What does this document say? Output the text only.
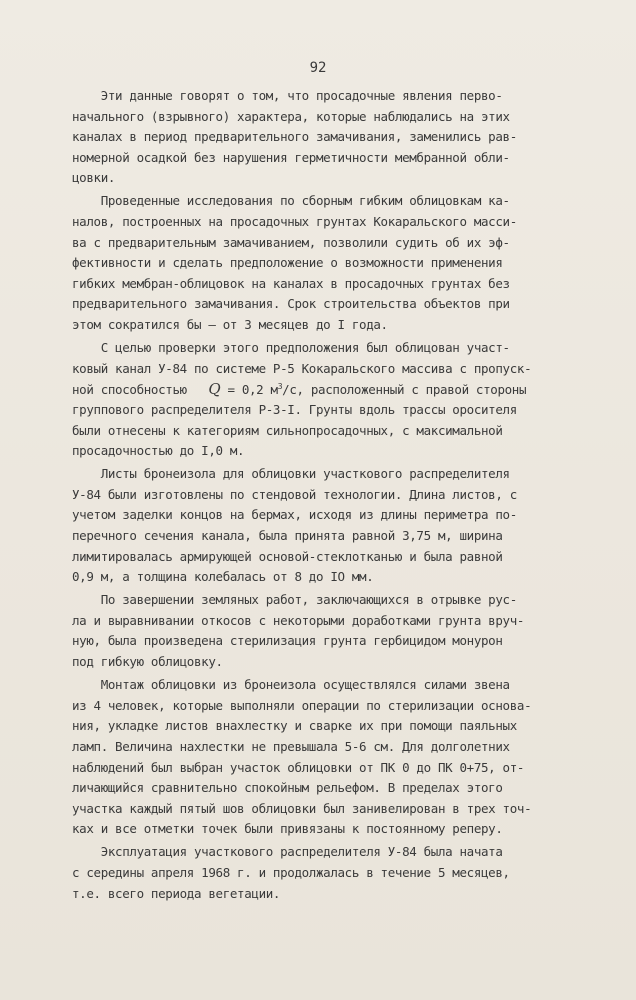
92
Эти данные говорят о том, что просадочные явления перво-
начального (взрывного) характера, которые наблюдались на этих
каналах в период предварительного замачивания, заменились рав-
номерной осадкой без нарушения герметичности мембранной обли-
цовки.
Проведенные исследования по сборным гибким облицовкам ка-
налов, построенных на просадочных грунтах Кокаральского масси-
ва с предварительным замачиванием, позволили судить об их эф-
фективности и сделать предположение о возможности применения
гибких мембран-облицовок на каналах в просадочных грунтах без
предварительного замачивания. Срок строительства объектов при
этом сократился бы – от 3 месяцев до I года.
С целью проверки этого предположения был облицован участ-
ковый канал У-84 по системе Р-5 Кокаральского массива с пропуск-
ной способностью   Q = 0,2 $м^3/с$, расположенный с правой стороны
группового распределителя Р-3-I. Грунты вдоль трассы оросителя
были отнесены к категориям сильнопросадочных, с максимальной
просадочностью до I,0 м.
Листы бронеизола для облицовки участкового распределителя
У-84 были изготовлены по стендовой технологии. Длина листов, с
учетом заделки концов на бермах, исходя из длины периметра по-
перечного сечения канала, была принята равной 3,75 м, ширина
лимитировалась армирующей основой-стеклотканью и была равной
0,9 м, а толщина колебалась от 8 до IO мм.
По завершении земляных работ, заключающихся в отрывке рус-
ла и выравнивании откосов с некоторыми доработками грунта вруч-
ную, была произведена стерилизация грунта гербицидом монурон
под гибкую облицовку.
Монтаж облицовки из бронеизола осуществлялся силами звена
из 4 человек, которые выполняли операции по стерилизации основа-
ния, укладке листов внахлестку и сварке их при помощи паяльных
ламп. Величина нахлестки не превышала 5-6 см. Для долголетних
наблюдений был выбран участок облицовки от ПК 0 до ПК 0+75, от-
личающийся сравнительно спокойным рельефом. В пределах этого
участка каждый пятый шов облицовки был занивелирован в трех точ-
ках и все отметки точек были привязаны к постоянному реперу.
Эксплуатация участкового распределителя У-84 была начата
с середины апреля 1968 г. и продолжалась в течение 5 месяцев,
т.е. всего периода вегетации.
